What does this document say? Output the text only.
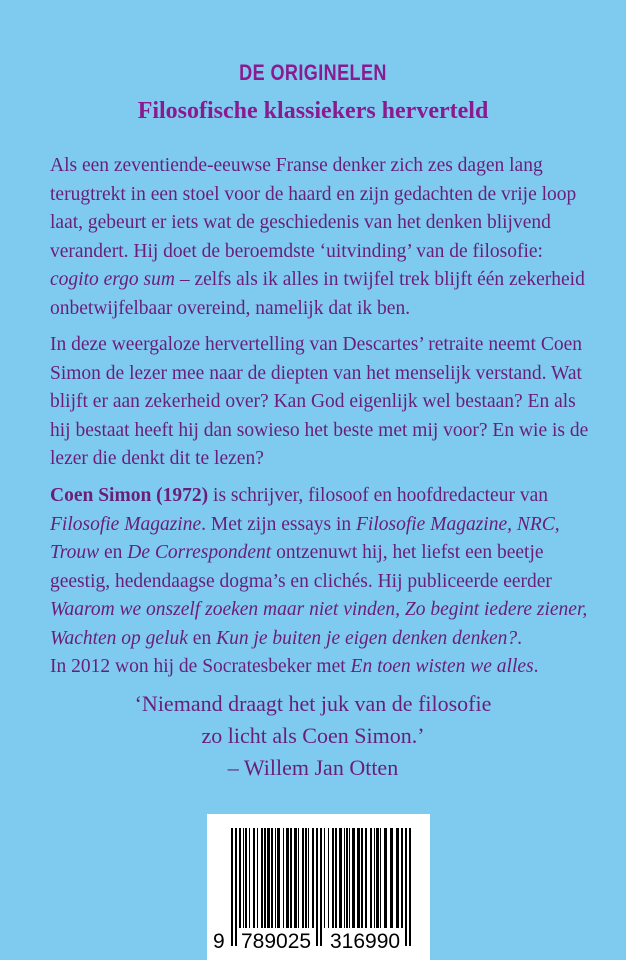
DE ORIGINELEN
Filosofische klassiekers herverteld

Als een zeventiende-eeuwse Franse denker zich zes dagen lang terugtrekt in een stoel voor de haard en zijn gedachten de vrije loop laat, gebeurt er iets wat de geschiedenis van het denken blijvend verandert. Hij doet de beroemdste ‘uitvinding’ van de filosofie: cogito ergo sum – zelfs als ik alles in twijfel trek blijft één zekerheid onbetwijfelbaar overeind, namelijk dat ik ben.

In deze weergaloze hervertelling van Descartes’ retraite neemt Coen Simon de lezer mee naar de diepten van het menselijk verstand. Wat blijft er aan zekerheid over? Kan God eigenlijk wel bestaan? En als hij bestaat heeft hij dan sowieso het beste met mij voor? En wie is de lezer die denkt dit te lezen?

Coen Simon (1972) is schrijver, filosoof en hoofdredacteur van Filosofie Magazine. Met zijn essays in Filosofie Magazine, NRC, Trouw en De Correspondent ontzenuwt hij, het liefst een beetje geestig, hedendaagse dogma’s en clichés. Hij publiceerde eerder Waarom we onszelf zoeken maar niet vinden, Zo begint iedere ziener, Wachten op geluk en Kun je buiten je eigen denken denken?.
In 2012 won hij de Socratesbeker met En toen wisten we alles.

‘Niemand draagt het juk van de filosofie
zo licht als Coen Simon.’
– Willem Jan Otten
9 789025 316990
